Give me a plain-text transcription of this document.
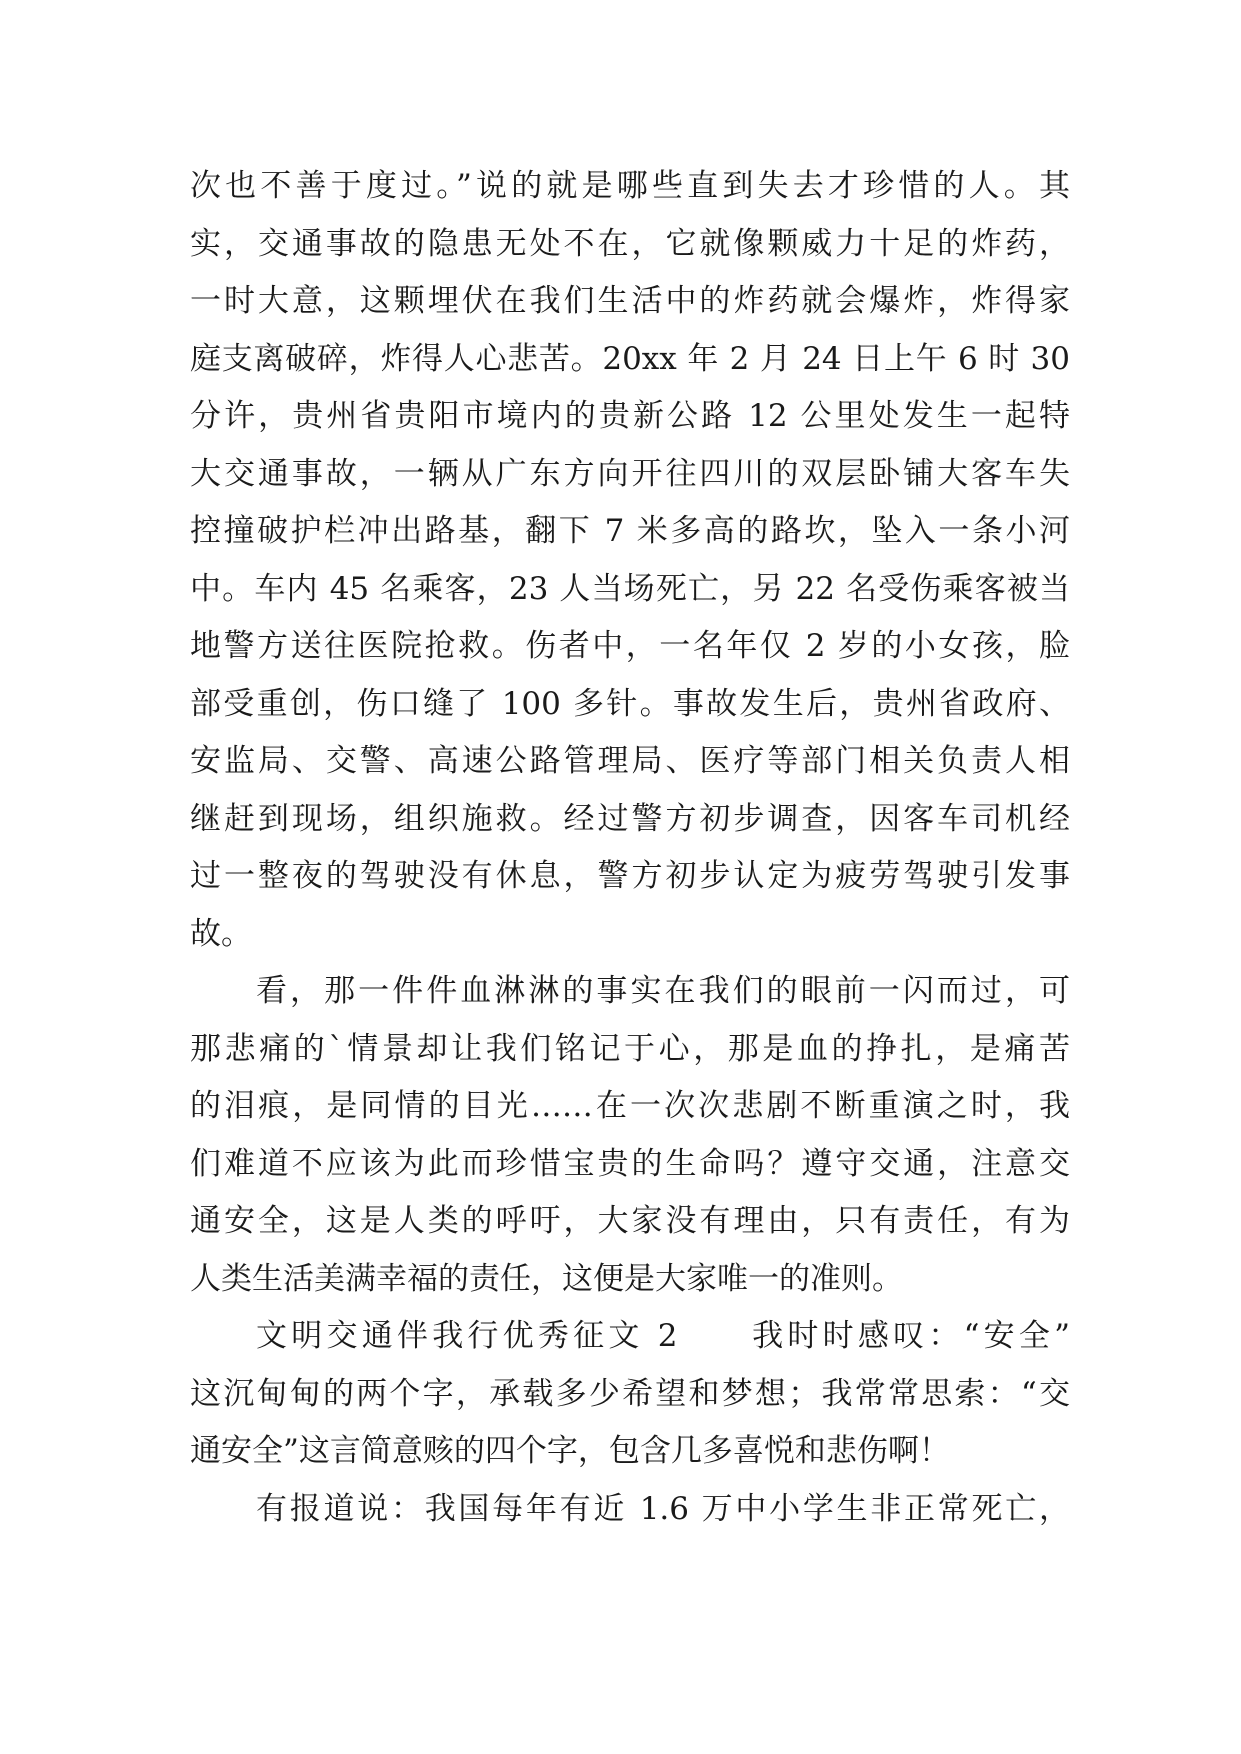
次也不善于度过。”说的就是哪些直到失去才珍惜的人。其
实，交通事故的隐患无处不在，它就像颗威力十足的炸药，
一时大意，这颗埋伏在我们生活中的炸药就会爆炸，炸得家
庭支离破碎，炸得人心悲苦。20xx 年 2 月 24 日上午 6 时 30
分许，贵州省贵阳市境内的贵新公路 12 公里处发生一起特
大交通事故，一辆从广东方向开往四川的双层卧铺大客车失
控撞破护栏冲出路基，翻下 7 米多高的路坎，坠入一条小河
中。车内 45 名乘客，23 人当场死亡，另 22 名受伤乘客被当
地警方送往医院抢救。伤者中，一名年仅 2 岁的小女孩，脸
部受重创，伤口缝了 100 多针。事故发生后，贵州省政府、
安监局、交警、高速公路管理局、医疗等部门相关负责人相
继赶到现场，组织施救。经过警方初步调查，因客车司机经
过一整夜的驾驶没有休息，警方初步认定为疲劳驾驶引发事
故。
看，那一件件血淋淋的事实在我们的眼前一闪而过，可
那悲痛的`情景却让我们铭记于心，那是血的挣扎，是痛苦
的泪痕，是同情的目光……在一次次悲剧不断重演之时，我
们难道不应该为此而珍惜宝贵的生命吗？遵守交通，注意交
通安全，这是人类的呼吁，大家没有理由，只有责任，有为
人类生活美满幸福的责任，这便是大家唯一的准则。
文明交通伴我行优秀征文 2　　我时时感叹：“安全”
这沉甸甸的两个字，承载多少希望和梦想；我常常思索：“交
通安全”这言简意赅的四个字，包含几多喜悦和悲伤啊！
有报道说：我国每年有近 1.6 万中小学生非正常死亡，
